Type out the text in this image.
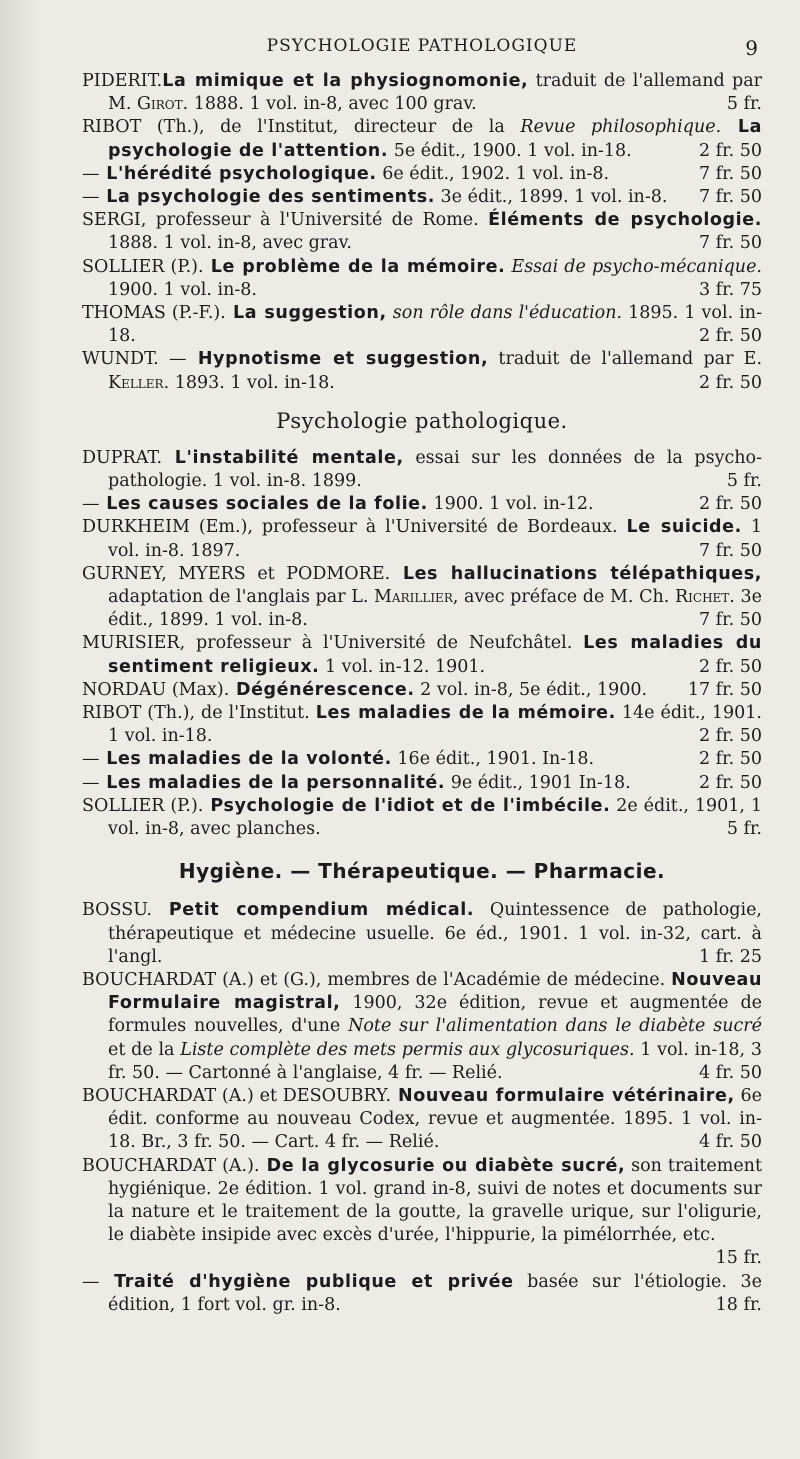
PSYCHOLOGIE PATHOLOGIQUE	9

PIDERIT.La mimique et la physiognomonie, traduit de l'allemand par M. Girot. 1888. 1 vol. in-8, avec 100 grav.	5 fr.

RIBOT (Th.), de l'Institut, directeur de la Revue philosophique. La psychologie de l'attention. 5e édit., 1900. 1 vol. in-18.	2 fr. 50

— L'hérédité psychologique. 6e édit., 1902. 1 vol. in-8.	7 fr. 50

— La psychologie des sentiments. 3e édit., 1899. 1 vol. in-8.	7 fr. 50

SERGI, professeur à l'Université de Rome. Éléments de psychologie. 1888. 1 vol. in-8, avec grav.	7 fr. 50

SOLLIER (P.). Le problème de la mémoire. Essai de psycho-mécanique. 1900. 1 vol. in-8.	3 fr. 75

THOMAS (P.-F.). La suggestion, son rôle dans l'éducation. 1895. 1 vol. in-18.	2 fr. 50

WUNDT. — Hypnotisme et suggestion, traduit de l'allemand par E. Keller. 1893. 1 vol. in-18.	2 fr. 50

Psychologie pathologique.

DUPRAT. L'instabilité mentale, essai sur les données de la psycho-pathologie. 1 vol. in-8. 1899.	5 fr.

— Les causes sociales de la folie. 1900. 1 vol. in-12.	2 fr. 50

DURKHEIM (Em.), professeur à l'Université de Bordeaux. Le suicide. 1 vol. in-8. 1897.	7 fr. 50

GURNEY, MYERS et PODMORE. Les hallucinations télépathiques, adaptation de l'anglais par L. Marillier, avec préface de M. Ch. Richet. 3e édit., 1899. 1 vol. in-8.	7 fr. 50

MURISIER, professeur à l'Université de Neufchâtel. Les maladies du sentiment religieux. 1 vol. in-12. 1901.	2 fr. 50

NORDAU (Max). Dégénérescence. 2 vol. in-8, 5e édit., 1900.	17 fr. 50

RIBOT (Th.), de l'Institut. Les maladies de la mémoire. 14e édit., 1901. 1 vol. in-18.	2 fr. 50

— Les maladies de la volonté. 16e édit., 1901. In-18.	2 fr. 50

— Les maladies de la personnalité. 9e édit., 1901 In-18.	2 fr. 50

SOLLIER (P.). Psychologie de l'idiot et de l'imbécile. 2e édit., 1901, 1 vol. in-8, avec planches.	5 fr.

Hygiène. — Thérapeutique. — Pharmacie.

BOSSU. Petit compendium médical. Quintessence de pathologie, thérapeutique et médecine usuelle. 6e éd., 1901. 1 vol. in-32, cart. à l'angl.	1 fr. 25

BOUCHARDAT (A.) et (G.), membres de l'Académie de médecine. Nouveau Formulaire magistral, 1900, 32e édition, revue et augmentée de formules nouvelles, d'une Note sur l'alimentation dans le diabète sucré et de la Liste complète des mets permis aux glycosuriques. 1 vol. in-18, 3 fr. 50. — Cartonné à l'anglaise, 4 fr. — Relié.	4 fr. 50

BOUCHARDAT (A.) et DESOUBRY. Nouveau formulaire vétérinaire, 6e édit. conforme au nouveau Codex, revue et augmentée. 1895. 1 vol. in-18. Br., 3 fr. 50. — Cart. 4 fr. — Relié.	4 fr. 50

BOUCHARDAT (A.). De la glycosurie ou diabète sucré, son traitement hygiénique. 2e édition. 1 vol. grand in-8, suivi de notes et documents sur la nature et le traitement de la goutte, la gravelle urique, sur l'oligurie, le diabète insipide avec excès d'urée, l'hippurie, la pimélorrhée, etc.
15 fr.

— Traité d'hygiène publique et privée basée sur l'étiologie. 3e édition, 1 fort vol. gr. in-8.	18 fr.
